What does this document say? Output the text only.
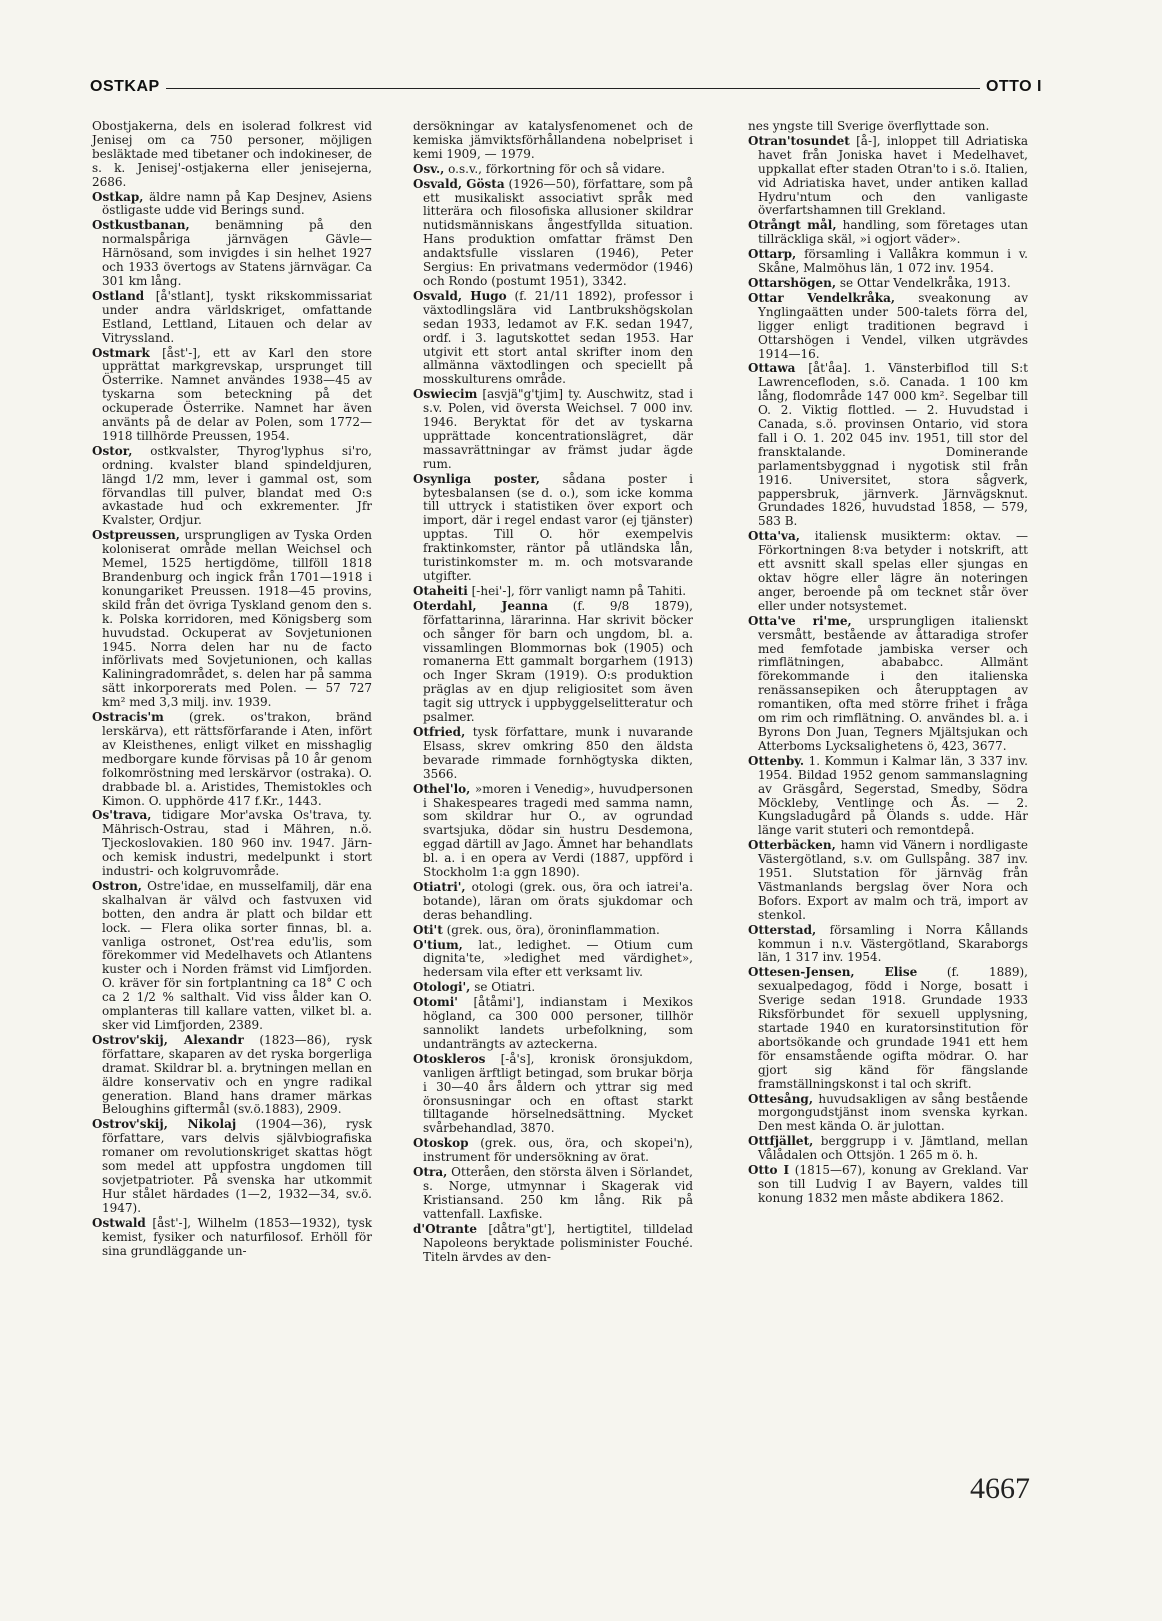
OSTKAP	OTTO I

Obostjakerna, dels en isolerad folkrest vid Jenisej om ca 750 personer, möjligen besläktade med tibetaner och indokineser, de s. k. Jenisej'-ostjakerna eller jenisejerna, 2686.

Ostkap, äldre namn på Kap Desjnev, Asiens östligaste udde vid Berings sund.

Ostkustbanan, benämning på den normalspåriga järnvägen Gävle—Härnösand, som invigdes i sin helhet 1927 och 1933 övertogs av Statens järnvägar. Ca 301 km lång.

Ostland [å'stlant], tyskt rikskommissariat under andra världskriget, omfattande Estland, Lettland, Litauen och delar av Vitryssland.

Ostmark [åst'-], ett av Karl den store upprättat markgrevskap, ursprunget till Österrike. Namnet användes 1938—45 av tyskarna som beteckning på det ockuperade Österrike. Namnet har även använts på de delar av Polen, som 1772—1918 tillhörde Preussen, 1954.

Ostor, ostkvalster, Thyrog'lyphus si'ro, ordning. kvalster bland spindeldjuren, längd 1/2 mm, lever i gammal ost, som förvandlas till pulver, blandat med O:s avkastade hud och exkrementer. Jfr Kvalster, Ordjur.

Ostpreussen, ursprungligen av Tyska Orden koloniserat område mellan Weichsel och Memel, 1525 hertigdöme, tillföll 1818 Brandenburg och ingick från 1701—1918 i konungariket Preussen. 1918—45 provins, skild från det övriga Tyskland genom den s. k. Polska korridoren, med Königsberg som huvudstad. Ockuperat av Sovjetunionen 1945. Norra delen har nu de facto införlivats med Sovjetunionen, och kallas Kaliningradområdet, s. delen har på samma sätt inkorporerats med Polen. — 57 727 km² med 3,3 milj. inv. 1939.

Ostracis'm (grek. os'trakon, bränd lerskärva), ett rättsförfarande i Aten, infört av Kleisthenes, enligt vilket en misshaglig medborgare kunde förvisas på 10 år genom folkomröstning med lerskärvor (ostraka). O. drabbade bl. a. Aristides, Themistokles och Kimon. O. upphörde 417 f.Kr., 1443.

Os'trava, tidigare Mor'avska Os'trava, ty. Mährisch-Ostrau, stad i Mähren, n.ö. Tjeckoslovakien. 180 960 inv. 1947. Järn- och kemisk industri, medelpunkt i stort industri- och kolgruvområde.

Ostron, Ostre'idae, en musselfamilj, där ena skalhalvan är välvd och fastvuxen vid botten, den andra är platt och bildar ett lock. — Flera olika sorter finnas, bl. a. vanliga ostronet, Ost'rea edu'lis, som förekommer vid Medelhavets och Atlantens kuster och i Norden främst vid Limfjorden. O. kräver för sin fortplantning ca 18° C och ca 2 1/2 % salthalt. Vid viss ålder kan O. omplanteras till kallare vatten, vilket bl. a. sker vid Limfjorden, 2389.

Ostrov'skij, Alexandr (1823—86), rysk författare, skaparen av det ryska borgerliga dramat. Skildrar bl. a. brytningen mellan en äldre konservativ och en yngre radikal generation. Bland hans dramer märkas Beloughins giftermål (sv.ö.1883), 2909.

Ostrov'skij, Nikolaj (1904—36), rysk författare, vars delvis självbiografiska romaner om revolutionskriget skattas högt som medel att uppfostra ungdomen till sovjetpatrioter. På svenska har utkommit Hur stålet härdades (1—2, 1932—34, sv.ö. 1947).

Ostwald [åst'-], Wilhelm (1853—1932), tysk kemist, fysiker och naturfilosof. Erhöll för sina grundläggande un-

dersökningar av katalysfenomenet och de kemiska jämviktsförhållandena nobelpriset i kemi 1909, — 1979.

Osv., o.s.v., förkortning för och så vidare.

Osvald, Gösta (1926—50), författare, som på ett musikaliskt associativt språk med litterära och filosofiska allusioner skildrar nutidsmänniskans ångestfyllda situation. Hans produktion omfattar främst Den andaktsfulle visslaren (1946), Peter Sergius: En privatmans vedermödor (1946) och Rondo (postumt 1951), 3342.

Osvald, Hugo (f. 21/11 1892), professor i växtodlingslära vid Lantbrukshögskolan sedan 1933, ledamot av F.K. sedan 1947, ordf. i 3. lagutskottet sedan 1953. Har utgivit ett stort antal skrifter inom den allmänna växtodlingen och speciellt på mosskulturens område.

Oswiecim [asvjä"g'tjim] ty. Auschwitz, stad i s.v. Polen, vid översta Weichsel. 7 000 inv. 1946. Beryktat för det av tyskarna upprättade koncentrationslägret, där massavrättningar av främst judar ägde rum.

Osynliga poster, sådana poster i bytesbalansen (se d. o.), som icke komma till uttryck i statistiken över export och import, där i regel endast varor (ej tjänster) upptas. Till O. hör exempelvis fraktinkomster, räntor på utländska lån, turistinkomster m. m. och motsvarande utgifter.

Otaheiti [-hei'-], förr vanligt namn på Tahiti.

Oterdahl, Jeanna (f. 9/8 1879), författarinna, lärarinna. Har skrivit böcker och sånger för barn och ungdom, bl. a. vissamlingen Blommornas bok (1905) och romanerna Ett gammalt borgarhem (1913) och Inger Skram (1919). O:s produktion präglas av en djup religiositet som även tagit sig uttryck i uppbyggelselitteratur och psalmer.

Otfried, tysk författare, munk i nuvarande Elsass, skrev omkring 850 den äldsta bevarade rimmade fornhögtyska dikten, 3566.

Othel'lo, »moren i Venedig», huvudpersonen i Shakespeares tragedi med samma namn, som skildrar hur O., av ogrundad svartsjuka, dödar sin hustru Desdemona, eggad därtill av Jago. Ämnet har behandlats bl. a. i en opera av Verdi (1887, uppförd i Stockholm 1:a ggn 1890).

Otiatri', otologi (grek. ous, öra och iatrei'a. botande), läran om örats sjukdomar och deras behandling.

Oti't (grek. ous, öra), öroninflammation.

O'tium, lat., ledighet. — Otium cum dignita'te, »ledighet med värdighet», hedersam vila efter ett verksamt liv.

Otologi', se Otiatri.

Otomi' [åtåmi'], indianstam i Mexikos högland, ca 300 000 personer, tillhör sannolikt landets urbefolkning, som undanträngts av azteckerna.

Otoskleros [-å's], kronisk öronsjukdom, vanligen ärftligt betingad, som brukar börja i 30—40 års åldern och yttrar sig med öronsusningar och en oftast starkt tilltagande hörselnedsättning. Mycket svårbehandlad, 3870.

Otoskop (grek. ous, öra, och skopei'n), instrument för undersökning av örat.

Otra, Otteråen, den största älven i Sörlandet, s. Norge, utmynnar i Skagerak vid Kristiansand. 250 km lång. Rik på vattenfall. Laxfiske.

d'Otrante [dåtra"gt'], hertigtitel, tilldelad Napoleons beryktade polisminister Fouché. Titeln ärvdes av den-

nes yngste till Sverige överflyttade son.

Otran'tosundet [å-], inloppet till Adriatiska havet från Joniska havet i Medelhavet, uppkallat efter staden Otran'to i s.ö. Italien, vid Adriatiska havet, under antiken kallad Hydru'ntum och den vanligaste överfartshamnen till Grekland.

Otrångt mål, handling, som företages utan tillräckliga skäl, »i ogjort väder».

Ottarp, församling i Vallåkra kommun i v. Skåne, Malmöhus län, 1 072 inv. 1954.

Ottarshögen, se Ottar Vendelkråka, 1913.

Ottar Vendelkråka, sveakonung av Ynglingaätten under 500-talets förra del, ligger enligt traditionen begravd i Ottarshögen i Vendel, vilken utgrävdes 1914—16.

Ottawa [åt'åa]. 1. Vänsterbiflod till S:t Lawrencefloden, s.ö. Canada. 1 100 km lång, flodområde 147 000 km². Segelbar till O. 2. Viktig flottled. — 2. Huvudstad i Canada, s.ö. provinsen Ontario, vid stora fall i O. 1. 202 045 inv. 1951, till stor del fransktalande. Dominerande parlamentsbyggnad i nygotisk stil från 1916. Universitet, stora sågverk, pappersbruk, järnverk. Järnvägsknut. Grundades 1826, huvudstad 1858, — 579, 583 B.

Otta'va, italiensk musikterm: oktav. — Förkortningen 8:va betyder i notskrift, att ett avsnitt skall spelas eller sjungas en oktav högre eller lägre än noteringen anger, beroende på om tecknet står över eller under notsystemet.

Otta've ri'me, ursprungligen italienskt versmått, bestående av åttaradiga strofer med femfotade jambiska verser och rimflätningen, abababcc. Allmänt förekommande i den italienska renässansepiken och återupptagen av romantiken, ofta med större frihet i fråga om rim och rimflätning. O. användes bl. a. i Byrons Don Juan, Tegners Mjältsjukan och Atterboms Lycksalighetens ö, 423, 3677.

Ottenby. 1. Kommun i Kalmar län, 3 337 inv. 1954. Bildad 1952 genom sammanslagning av Gräsgård, Segerstad, Smedby, Södra Möckleby, Ventlinge och Ås. — 2. Kungsladugård på Ölands s. udde. Här länge varit stuteri och remontdepå.

Otterbäcken, hamn vid Vänern i nordligaste Västergötland, s.v. om Gullspång. 387 inv. 1951. Slutstation för järnväg från Västmanlands bergslag över Nora och Bofors. Export av malm och trä, import av stenkol.

Otterstad, församling i Norra Kållands kommun i n.v. Västergötland, Skaraborgs län, 1 317 inv. 1954.

Ottesen-Jensen, Elise (f. 1889), sexualpedagog, född i Norge, bosatt i Sverige sedan 1918. Grundade 1933 Riksförbundet för sexuell upplysning, startade 1940 en kuratorsinstitution för abortsökande och grundade 1941 ett hem för ensamstående ogifta mödrar. O. har gjort sig känd för fängslande framställningskonst i tal och skrift.

Ottesång, huvudsakligen av sång bestående morgongudstjänst inom svenska kyrkan. Den mest kända O. är julottan.

Ottfjället, berggrupp i v. Jämtland, mellan Vålådalen och Ottsjön. 1 265 m ö. h.

Otto I (1815—67), konung av Grekland. Var son till Ludvig I av Bayern, valdes till konung 1832 men måste abdikera 1862.

4667
